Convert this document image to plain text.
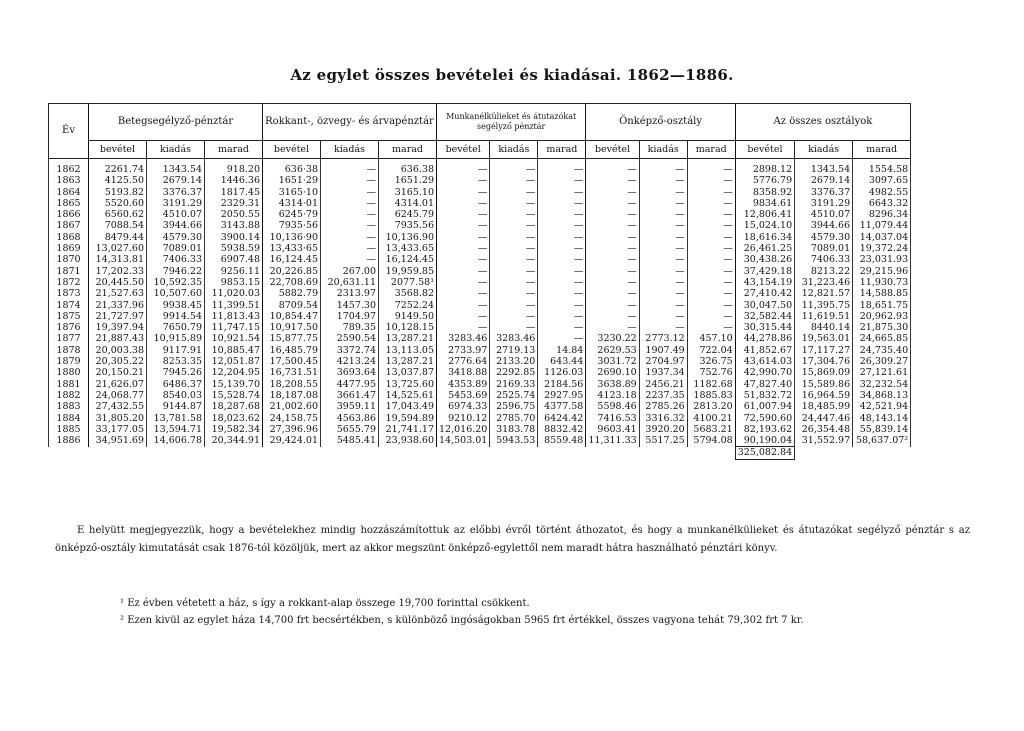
Az egylet összes bevételei és kiadásai. 1862—1886.
Év	Betegsegélyző-pénztár			Rokkant-, özvegy- és árvapénztár			Munkanélkülieket és átutazókat segélyző pénztár			Önképző-osztály			Az összes osztályok		
	bevétel	kiadás	marad	bevétel	kiadás	marad	bevétel	kiadás	marad	bevétel	kiadás	marad	bevétel	kiadás	marad
1862	2261.74	1343.54	918.20	636·38	—	636.38	—	—	—	—	—	—	2898.12	1343.54	1554.58
1863	4125.50	2679.14	1446.36	1651·29	—	1651.29	—	—	—	—	—	—	5776.79	2679.14	3097.65
1864	5193.82	3376.37	1817.45	3165·10	—	3165.10	—	—	—	—	—	—	8358.92	3376.37	4982.55
1865	5520.60	3191.29	2329.31	4314·01	—	4314.01	—	—	—	—	—	—	9834.61	3191.29	6643.32
1866	6560.62	4510.07	2050.55	6245·79	—	6245.79	—	—	—	—	—	—	12,806.41	4510.07	8296.34
1867	7088.54	3944.66	3143.88	7935·56	—	7935.56	—	—	—	—	—	—	15,024.10	3944.66	11,079.44
1868	8479.44	4579.30	3900.14	10,136·90	—	10,136.90	—	—	—	—	—	—	18,616.34	4579.30	14,037.04
1869	13,027.60	7089.01	5938.59	13,433·65	—	13,433.65	—	—	—	—	—	—	26,461.25	7089.01	19,372.24
1870	14,313.81	7406.33	6907.48	16,124.45	—	16,124.45	—	—	—	—	—	—	30,438.26	7406.33	23,031.93
1871	17,202.33	7946.22	9256.11	20,226.85	267.00	19,959.85	—	—	—	—	—	—	37,429.18	8213.22	29,215.96
1872	20,445.50	10,592.35	9853.15	22,708.69	20,631.11	2077.58¹	—	—	—	—	—	—	43,154.19	31,223.46	11,930.73
1873	21,527.63	10,507.60	11,020.03	5882.79	2313.97	3568.82	—	—	—	—	—	—	27,410.42	12,821.57	14,588.85
1874	21,337.96	9938.45	11,399.51	8709.54	1457.30	7252.24	—	—	—	—	—	—	30,047.50	11,395.75	18,651.75
1875	21,727.97	9914.54	11,813.43	10,854.47	1704.97	9149.50	—	—	—	—	—	—	32,582.44	11,619.51	20,962.93
1876	19,397.94	7650.79	11,747.15	10,917.50	789.35	10,128.15	—	—	—	—	—	—	30,315.44	8440.14	21,875.30
1877	21,887.43	10,915.89	10,921.54	15,877.75	2590.54	13,287.21	3283.46	3283.46	—	3230.22	2773.12	457.10	44,278.86	19,563.01	24,665.85
1878	20,003.38	9117.91	10,885.47	16,485.79	3372.74	13,113.05	2733.97	2719.13	14.84	2629.53	1907.49	722.04	41,852.67	17,117.27	24,735.40
1879	20,305.22	8253.35	12,051.87	17,500.45	4213.24	13,287.21	2776.64	2133.20	643.44	3031.72	2704.97	326.75	43,614.03	17,304.76	26,309.27
1880	20,150.21	7945.26	12,204.95	16,731.51	3693.64	13,037.87	3418.88	2292.85	1126.03	2690.10	1937.34	752.76	42,990.70	15,869.09	27,121.61
1881	21,626.07	6486.37	15,139.70	18,208.55	4477.95	13,725.60	4353.89	2169.33	2184.56	3638.89	2456.21	1182.68	47,827.40	15,589.86	32,232.54
1882	24,068.77	8540.03	15,528.74	18,187.08	3661.47	14,525.61	5453.69	2525.74	2927.95	4123.18	2237.35	1885.83	51,832.72	16,964.59	34,868.13
1883	27,432.55	9144.87	18,287.68	21,002.60	3959.11	17,043.49	6974.33	2596.75	4377.58	5598.46	2785.26	2813.20	61,007.94	18,485.99	42,521.94
1884	31,805.20	13,781.58	18,023.62	24,158.75	4563.86	19,594.89	9210.12	2785.70	6424.42	7416.53	3316.32	4100.21	72,590.60	24,447.46	48,143.14
1885	33,177.05	13,594.71	19,582.34	27,396.96	5655.79	21,741.17	12,016.20	3183.78	8832.42	9603.41	3920.20	5683.21	82,193.62	26,354.48	55,839.14
1886	34,951.69	14,606.78	20,344.91	29,424.01	5485.41	23,938.60	14,503.01	5943.53	8559.48	11,311.33	5517.25	5794.08	90,190.04	31,552.97	58,637.07²
													325,082.84		
E helyütt megjegyezzük, hogy a bevételekhez mindig hozzászámítottuk az előbbi évről történt áthozatot, és hogy a munkanélkülieket és átutazókat segélyző pénztár s az önképző-osztály kimutatását csak 1876-tól közöljük, mert az akkor megszünt önképző-egylettől nem maradt hátra használható pénztári könyv.
¹ Ez évben vétetett a ház, s így a rokkant-alap összege 19,700 forinttal csökkent.
² Ezen kivül az egylet háza 14,700 frt becsértékben, s különböző ingóságokban 5965 frt értékkel, összes vagyona tehát 79,302 frt 7 kr.
